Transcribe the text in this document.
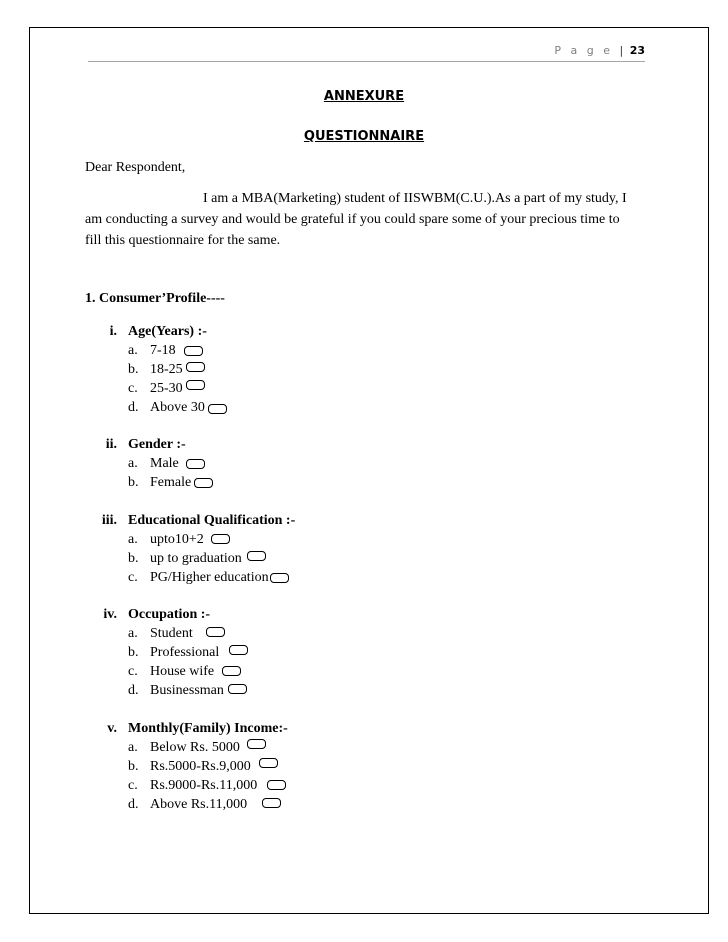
P a g e | 23
ANNEXURE
QUESTIONNAIRE
Dear Respondent,
I am a MBA(Marketing) student of IISWBM(C.U.).As a part of my study, I
am conducting a survey and would be grateful if you could spare some of your precious time to
fill this questionnaire for the same.
1. Consumer’Profile----
i. Age(Years) :-
a. 7-18
b. 18-25
c. 25-30
d. Above 30
ii. Gender :-
a. Male
b. Female
iii. Educational Qualification :-
a. upto10+2
b. up to graduation
c. PG/Higher education
iv. Occupation :-
a. Student
b. Professional
c. House wife
d. Businessman
v. Monthly(Family) Income:-
a. Below Rs. 5000
b. Rs.5000-Rs.9,000
c. Rs.9000-Rs.11,000
d. Above Rs.11,000
